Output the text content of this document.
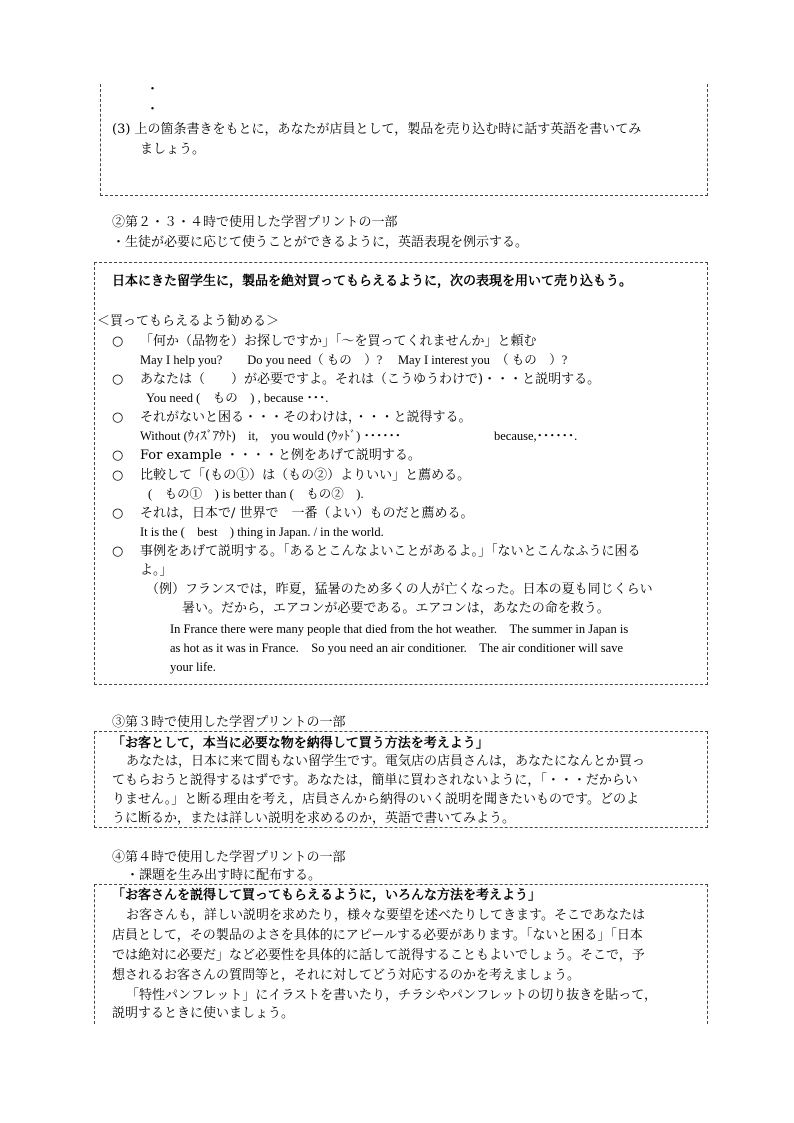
・
・
(3) 上の箇条書きをもとに，あなたが店員として，製品を売り込む時に話す英語を書いてみ
ましょう。
②第２・３・４時で使用した学習プリントの一部
・生徒が必要に応じて使うことができるように，英語表現を例示する。
日本にきた留学生に，製品を絶対買ってもらえるように，次の表現を用いて売り込もう。
＜買ってもらえるよう勧める＞
○ 「何か（品物を）お探しですか」「～を買ってくれませんか」と頼む
May I help you?　　Do you need（ もの　）?　 May I interest you　（ もの　）?
○ あなたは（　　）が必要ですよ。それは（こうゆうわけで)・・・と説明する。
You need (　もの　) , because ･･･.
○ それがないと困る・・・そのわけは，・・・と説得する。
Without (ｳｨｽﾞｱｳﾄ)　it,　you would (ｳｯﾄﾞ) ･･････	because,･･････.
○ For example ・・・・と例をあげて説明する。
○ 比較して「(もの①）は（もの②）よりいい」と薦める。
(　もの①　) is better than (　もの②　).
○ それは，日本で/ 世界で　一番（よい）ものだと薦める。
It is the (　best　) thing in Japan. / in the world.
○ 事例をあげて説明する。「あるとこんなよいことがあるよ。」「ないとこんなふうに困る
よ。」
（例）フランスでは，昨夏，猛暑のため多くの人が亡くなった。日本の夏も同じくらい
暑い。だから，エアコンが必要である。エアコンは，あなたの命を救う。
In France there were many people that died from the hot weather.　The summer in Japan is
as hot as it was in France.　So you need an air conditioner.　The air conditioner will save
your life.
③第３時で使用した学習プリントの一部
「お客として，本当に必要な物を納得して買う方法を考えよう」
あなたは，日本に来て間もない留学生です。電気店の店員さんは，あなたになんとか買っ
てもらおうと説得するはずです。あなたは，簡単に買わされないように，「・・・だからい
りません。」と断る理由を考え，店員さんから納得のいく説明を聞きたいものです。どのよ
うに断るか，または詳しい説明を求めるのか，英語で書いてみよう。
④第４時で使用した学習プリントの一部
・課題を生み出す時に配布する。
「お客さんを説得して買ってもらえるように，いろんな方法を考えよう」
お客さんも，詳しい説明を求めたり，様々な要望を述べたりしてきます。そこであなたは
店員として，その製品のよさを具体的にアピールする必要があります。「ないと困る」「日本
では絶対に必要だ」など必要性を具体的に話して説得することもよいでしょう。そこで，予
想されるお客さんの質問等と，それに対してどう対応するのかを考えましょう。
「特性パンフレット」にイラストを書いたり，チラシやパンフレットの切り抜きを貼って，
説明するときに使いましょう。
